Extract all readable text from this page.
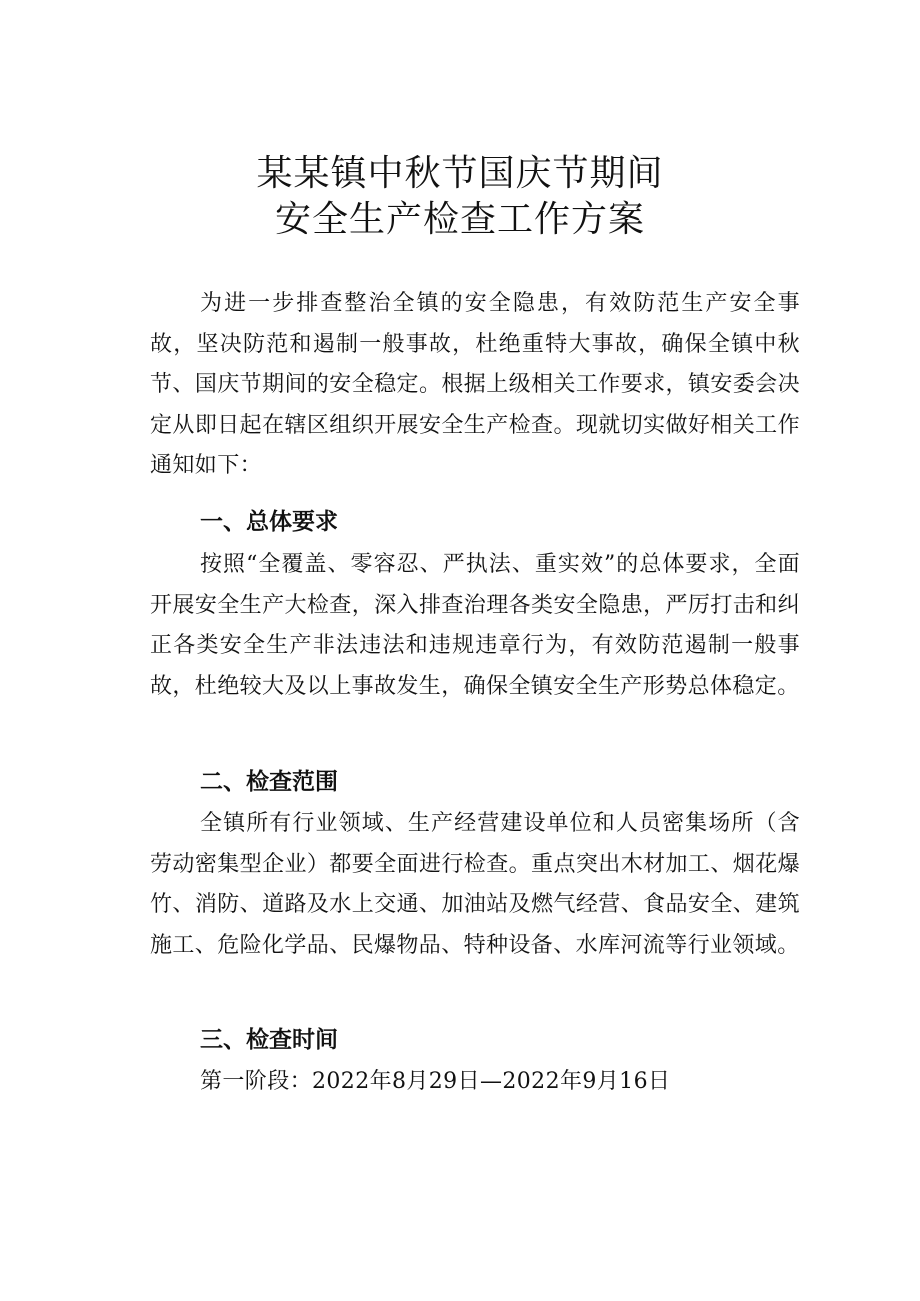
某某镇中秋节国庆节期间
安全生产检查工作方案

为进一步排查整治全镇的安全隐患，有效防范生产安全事故，坚决防范和遏制一般事故，杜绝重特大事故，确保全镇中秋节、国庆节期间的安全稳定。根据上级相关工作要求，镇安委会决定从即日起在辖区组织开展安全生产检查。现就切实做好相关工作通知如下：

一、总体要求

按照“全覆盖、零容忍、严执法、重实效”的总体要求，全面开展安全生产大检查，深入排查治理各类安全隐患，严厉打击和纠正各类安全生产非法违法和违规违章行为，有效防范遏制一般事故，杜绝较大及以上事故发生，确保全镇安全生产形势总体稳定。

二、检查范围

全镇所有行业领域、生产经营建设单位和人员密集场所（含劳动密集型企业）都要全面进行检查。重点突出木材加工、烟花爆竹、消防、道路及水上交通、加油站及燃气经营、食品安全、建筑施工、危险化学品、民爆物品、特种设备、水库河流等行业领域。

三、检查时间

第一阶段：2022年8月29日—2022年9月16日
